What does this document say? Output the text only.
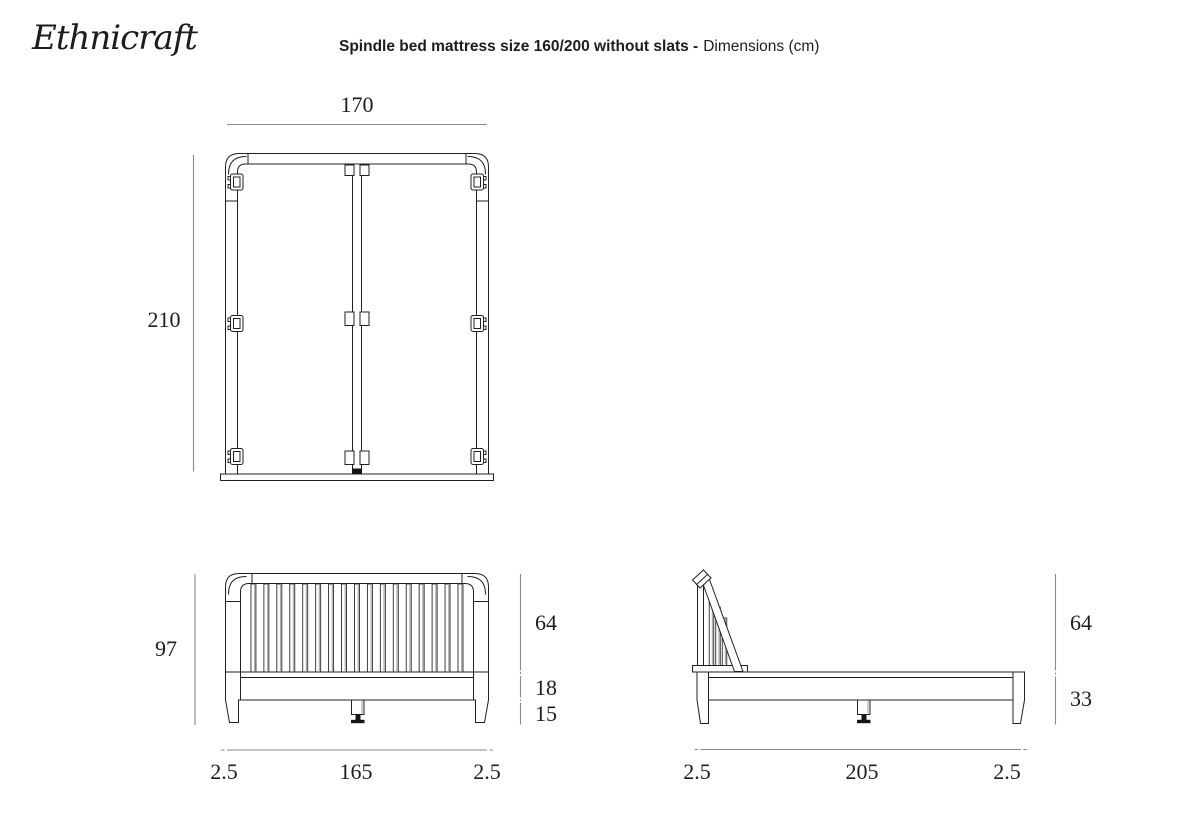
Ethnicraft	Spindle bed mattress size 160/200 without slats - Dimensions (cm)
170
210
97
64
18
15
2.5	165	2.5
64
33
2.5	205	2.5
